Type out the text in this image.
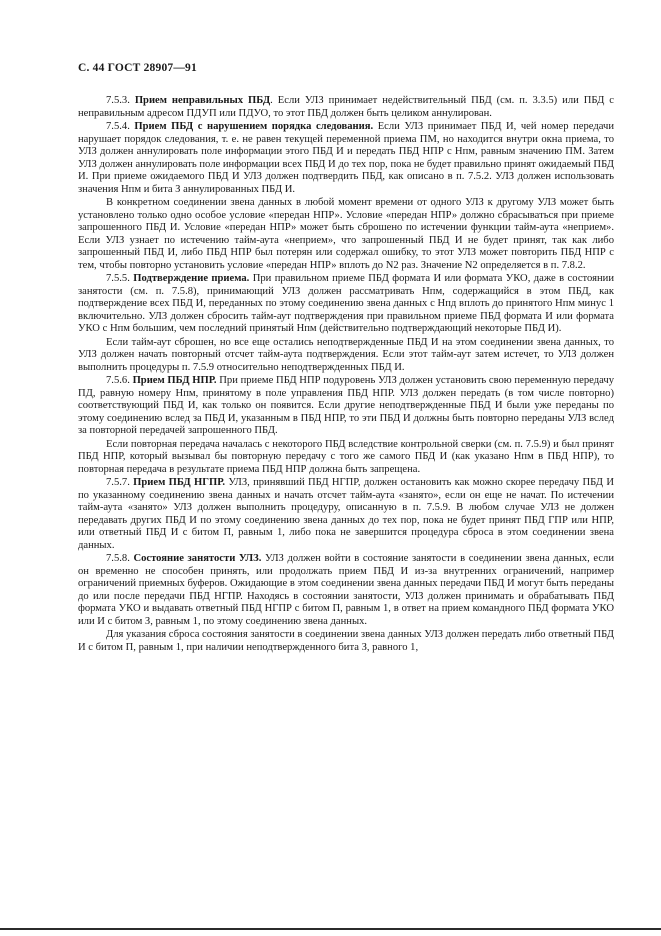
С. 44 ГОСТ 28907—91

7.5.3. Прием неправильных ПБД. Если УЛЗ принимает недействительный ПБД (см. п. 3.3.5) или ПБД с неправильным адресом ПДУП или ПДУО, то этот ПБД должен быть целиком аннулирован.

7.5.4. Прием ПБД с нарушением порядка следования. Если УЛЗ принимает ПБД И, чей номер передачи нарушает порядок следования, т. е. не равен текущей переменной приема ПМ, но находится внутри окна приема, то УЛЗ должен аннулировать поле информации этого ПБД И и передать ПБД НПР с Нпм, равным значению ПМ. Затем УЛЗ должен аннулировать поле информации всех ПБД И до тех пор, пока не будет правильно принят ожидаемый ПБД И. При приеме ожидаемого ПБД И УЛЗ должен подтвердить ПБД, как описано в п. 7.5.2. УЛЗ должен использовать значения Нпм и бита З аннулированных ПБД И.

В конкретном соединении звена данных в любой момент времени от одного УЛЗ к другому УЛЗ может быть установлено только одно особое условие «передан НПР». Условие «передан НПР» должно сбрасываться при приеме запрошенного ПБД И. Условие «передан НПР» может быть сброшено по истечении функции тайм-аута «неприем». Если УЛЗ узнает по истечению тайм-аута «неприем», что запрошенный ПБД И не будет принят, так как либо запрошенный ПБД И, либо ПБД НПР был потерян или содержал ошибку, то этот УЛЗ может повторить ПБД НПР с тем, чтобы повторно установить условие «передан НПР» вплоть до N2 раз. Значение N2 определяется в п. 7.8.2.

7.5.5. Подтверждение приема. При правильном приеме ПБД формата И или формата УКО, даже в состоянии занятости (см. п. 7.5.8), принимающий УЛЗ должен рассматривать Нпм, содержащийся в этом ПБД, как подтверждение всех ПБД И, переданных по этому соединению звена данных с Нпд вплоть до принятого Нпм минус 1 включительно. УЛЗ должен сбросить тайм-аут подтверждения при правильном приеме ПБД формата И или формата УКО с Нпм большим, чем последний принятый Нпм (действительно подтверждающий некоторые ПБД И).

Если тайм-аут сброшен, но все еще остались неподтвержденные ПБД И на этом соединении звена данных, то УЛЗ должен начать повторный отсчет тайм-аута подтверждения. Если этот тайм-аут затем истечет, то УЛЗ должен выполнить процедуры п. 7.5.9 относительно неподтвержденных ПБД И.

7.5.6. Прием ПБД НПР. При приеме ПБД НПР подуровень УЛЗ должен установить свою переменную передачу ПД, равную номеру Нпм, принятому в поле управления ПБД НПР. УЛЗ должен передать (в том числе повторно) соответствующий ПБД И, как только он появится. Если другие неподтвержденные ПБД И были уже переданы по этому соединению вслед за ПБД И, указанным в ПБД НПР, то эти ПБД И должны быть повторно переданы УЛЗ вслед за повторной передачей запрошенного ПБД.

Если повторная передача началась с некоторого ПБД вследствие контрольной сверки (см. п. 7.5.9) и был принят ПБД НПР, который вызывал бы повторную передачу с того же самого ПБД И (как указано Нпм в ПБД НПР), то повторная передача в результате приема ПБД НПР должна быть запрещена.

7.5.7. Прием ПБД НГПР. УЛЗ, принявший ПБД НГПР, должен остановить как можно скорее передачу ПБД И по указанному соединению звена данных и начать отсчет тайм-аута «занято», если он еще не начат. По истечении тайм-аута «занято» УЛЗ должен выполнить процедуру, описанную в п. 7.5.9. В любом случае УЛЗ не должен передавать других ПБД И по этому соединению звена данных до тех пор, пока не будет принят ПБД ГПР или НПР, или ответный ПБД И с битом П, равным 1, либо пока не завершится процедура сброса в этом соединении звена данных.

7.5.8. Состояние занятости УЛЗ. УЛЗ должен войти в состояние занятости в соединении звена данных, если он временно не способен принять, или продолжать прием ПБД И из-за внутренних ограничений, например ограничений приемных буферов. Ожидающие в этом соединении звена данных передачи ПБД И могут быть переданы до или после передачи ПБД НГПР. Находясь в состоянии занятости, УЛЗ должен принимать и обрабатывать ПБД формата УКО и выдавать ответный ПБД НГПР с битом П, равным 1, в ответ на прием командного ПБД формата УКО или И с битом З, равным 1, по этому соединению звена данных.

Для указания сброса состояния занятости в соединении звена данных УЛЗ должен передать либо ответный ПБД И с битом П, равным 1, при наличии неподтвержденного бита З, равного 1,
